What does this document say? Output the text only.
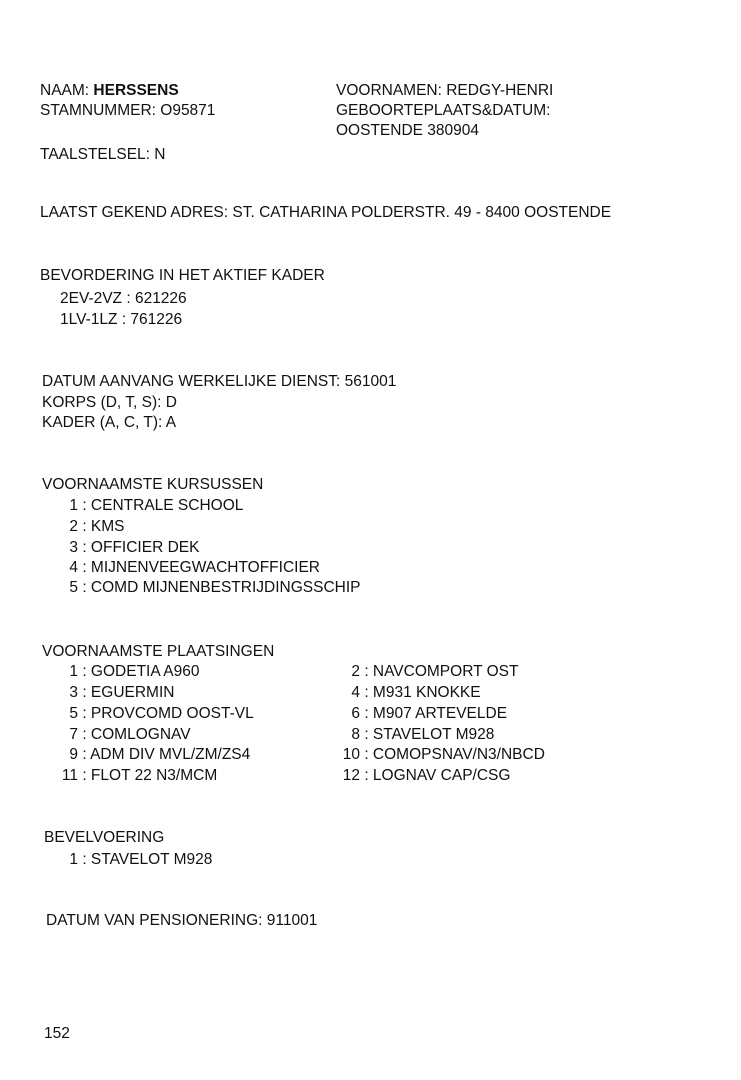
NAAM: HERSSENS
STAMNUMMER: O95871
TAALSTELSEL: N
VOORNAMEN: REDGY-HENRI
GEBOORTEPLAATS&DATUM:
OOSTENDE 380904
LAATST GEKEND ADRES: ST. CATHARINA POLDERSTR. 49 - 8400 OOSTENDE
BEVORDERING IN HET AKTIEF KADER
2EV-2VZ : 621226
1LV-1LZ : 761226
DATUM AANVANG WERKELIJKE DIENST: 561001
KORPS (D, T, S): D
KADER (A, C, T): A
VOORNAAMSTE KURSUSSEN
1 : CENTRALE SCHOOL
2 : KMS
3 : OFFICIER DEK
4 : MIJNENVEEGWACHTOFFICIER
5 : COMD MIJNENBESTRIJDINGSSCHIP
VOORNAAMSTE PLAATSINGEN
1 : GODETIA A960
3 : EGUERMIN
5 : PROVCOMD OOST-VL
7 : COMLOGNAV
9 : ADM DIV MVL/ZM/ZS4
11 : FLOT 22 N3/MCM
2 : NAVCOMPORT OST
4 : M931 KNOKKE
6 : M907 ARTEVELDE
8 : STAVELOT M928
10 : COMOPSNAV/N3/NBCD
12 : LOGNAV CAP/CSG
BEVELVOERING
1 : STAVELOT M928
DATUM VAN PENSIONERING: 911001
152
